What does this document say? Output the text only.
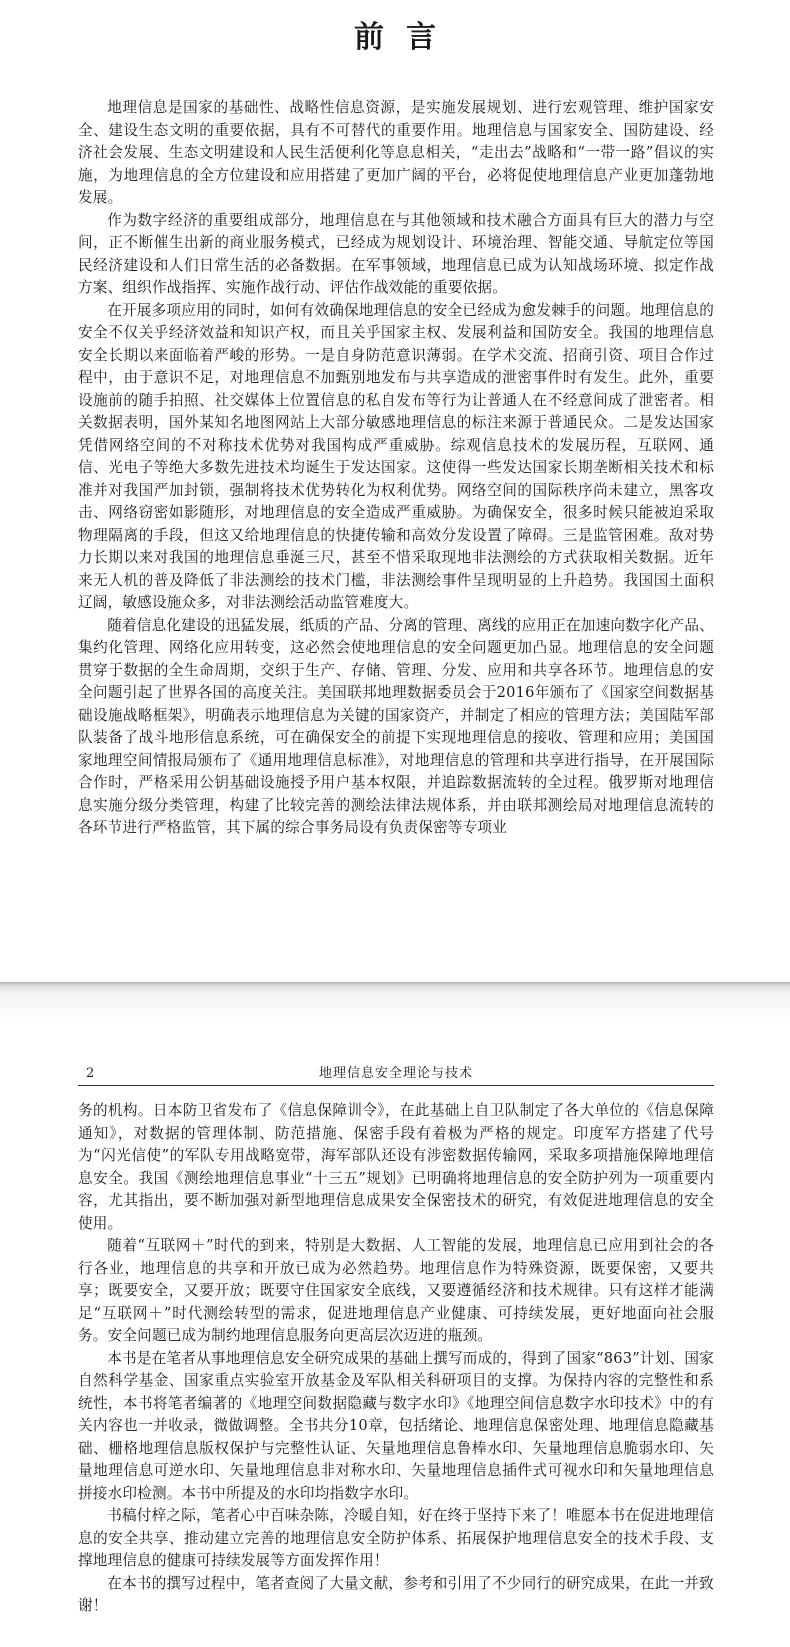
前言

地理信息是国家的基础性、战略性信息资源，是实施发展规划、进行宏观管理、维护国家安全、建设生态文明的重要依据，具有不可替代的重要作用。地理信息与国家安全、国防建设、经济社会发展、生态文明建设和人民生活便利化等息息相关，“走出去”战略和“一带一路”倡议的实施，为地理信息的全方位建设和应用搭建了更加广阔的平台，必将促使地理信息产业更加蓬勃地发展。

作为数字经济的重要组成部分，地理信息在与其他领域和技术融合方面具有巨大的潜力与空间，正不断催生出新的商业服务模式，已经成为规划设计、环境治理、智能交通、导航定位等国民经济建设和人们日常生活的必备数据。在军事领域，地理信息已成为认知战场环境、拟定作战方案、组织作战指挥、实施作战行动、评估作战效能的重要依据。

在开展多项应用的同时，如何有效确保地理信息的安全已经成为愈发棘手的问题。地理信息的安全不仅关乎经济效益和知识产权，而且关乎国家主权、发展利益和国防安全。我国的地理信息安全长期以来面临着严峻的形势。一是自身防范意识薄弱。在学术交流、招商引资、项目合作过程中，由于意识不足，对地理信息不加甄别地发布与共享造成的泄密事件时有发生。此外，重要设施前的随手拍照、社交媒体上位置信息的私自发布等行为让普通人在不经意间成了泄密者。相关数据表明，国外某知名地图网站上大部分敏感地理信息的标注来源于普通民众。二是发达国家凭借网络空间的不对称技术优势对我国构成严重威胁。综观信息技术的发展历程，互联网、通信、光电子等绝大多数先进技术均诞生于发达国家。这使得一些发达国家长期垄断相关技术和标准并对我国严加封锁，强制将技术优势转化为权利优势。网络空间的国际秩序尚未建立，黑客攻击、网络窃密如影随形，对地理信息的安全造成严重威胁。为确保安全，很多时候只能被迫采取物理隔离的手段，但这又给地理信息的快捷传输和高效分发设置了障碍。三是监管困难。敌对势力长期以来对我国的地理信息垂涎三尺，甚至不惜采取现地非法测绘的方式获取相关数据。近年来无人机的普及降低了非法测绘的技术门槛，非法测绘事件呈现明显的上升趋势。我国国土面积辽阔，敏感设施众多，对非法测绘活动监管难度大。

随着信息化建设的迅猛发展，纸质的产品、分离的管理、离线的应用正在加速向数字化产品、集约化管理、网络化应用转变，这必然会使地理信息的安全问题更加凸显。地理信息的安全问题贯穿于数据的全生命周期，交织于生产、存储、管理、分发、应用和共享各环节。地理信息的安全问题引起了世界各国的高度关注。美国联邦地理数据委员会于2016年颁布了《国家空间数据基础设施战略框架》，明确表示地理信息为关键的国家资产，并制定了相应的管理方法；美国陆军部队装备了战斗地形信息系统，可在确保安全的前提下实现地理信息的接收、管理和应用；美国国家地理空间情报局颁布了《通用地理信息标准》，对地理信息的管理和共享进行指导，在开展国际合作时，严格采用公钥基础设施授予用户基本权限，并追踪数据流转的全过程。俄罗斯对地理信息实施分级分类管理，构建了比较完善的测绘法律法规体系，并由联邦测绘局对地理信息流转的各环节进行严格监管，其下属的综合事务局设有负责保密等专项业

地理信息安全理论与技术
2

务的机构。日本防卫省发布了《信息保障训令》，在此基础上自卫队制定了各大单位的《信息保障通知》，对数据的管理体制、防范措施、保密手段有着极为严格的规定。印度军方搭建了代号为“闪光信使”的军队专用战略宽带，海军部队还设有涉密数据传输网，采取多项措施保障地理信息安全。我国《测绘地理信息事业“十三五”规划》已明确将地理信息的安全防护列为一项重要内容，尤其指出，要不断加强对新型地理信息成果安全保密技术的研究，有效促进地理信息的安全使用。

随着“互联网＋”时代的到来，特别是大数据、人工智能的发展，地理信息已应用到社会的各行各业，地理信息的共享和开放已成为必然趋势。地理信息作为特殊资源，既要保密，又要共享；既要安全，又要开放；既要守住国家安全底线，又要遵循经济和技术规律。只有这样才能满足“互联网＋”时代测绘转型的需求，促进地理信息产业健康、可持续发展，更好地面向社会服务。安全问题已成为制约地理信息服务向更高层次迈进的瓶颈。

本书是在笔者从事地理信息安全研究成果的基础上撰写而成的，得到了国家“863”计划、国家自然科学基金、国家重点实验室开放基金及军队相关科研项目的支撑。为保持内容的完整性和系统性，本书将笔者编著的《地理空间数据隐藏与数字水印》《地理空间信息数字水印技术》中的有关内容也一并收录，微做调整。全书共分10章，包括绪论、地理信息保密处理、地理信息隐藏基础、栅格地理信息版权保护与完整性认证、矢量地理信息鲁棒水印、矢量地理信息脆弱水印、矢量地理信息可逆水印、矢量地理信息非对称水印、矢量地理信息插件式可视水印和矢量地理信息拼接水印检测。本书中所提及的水印均指数字水印。

书稿付梓之际，笔者心中百味杂陈，冷暖自知，好在终于坚持下来了！唯愿本书在促进地理信息的安全共享、推动建立完善的地理信息安全防护体系、拓展保护地理信息安全的技术手段、支撑地理信息的健康可持续发展等方面发挥作用！

在本书的撰写过程中，笔者查阅了大量文献，参考和引用了不少同行的研究成果，在此一并致谢！
